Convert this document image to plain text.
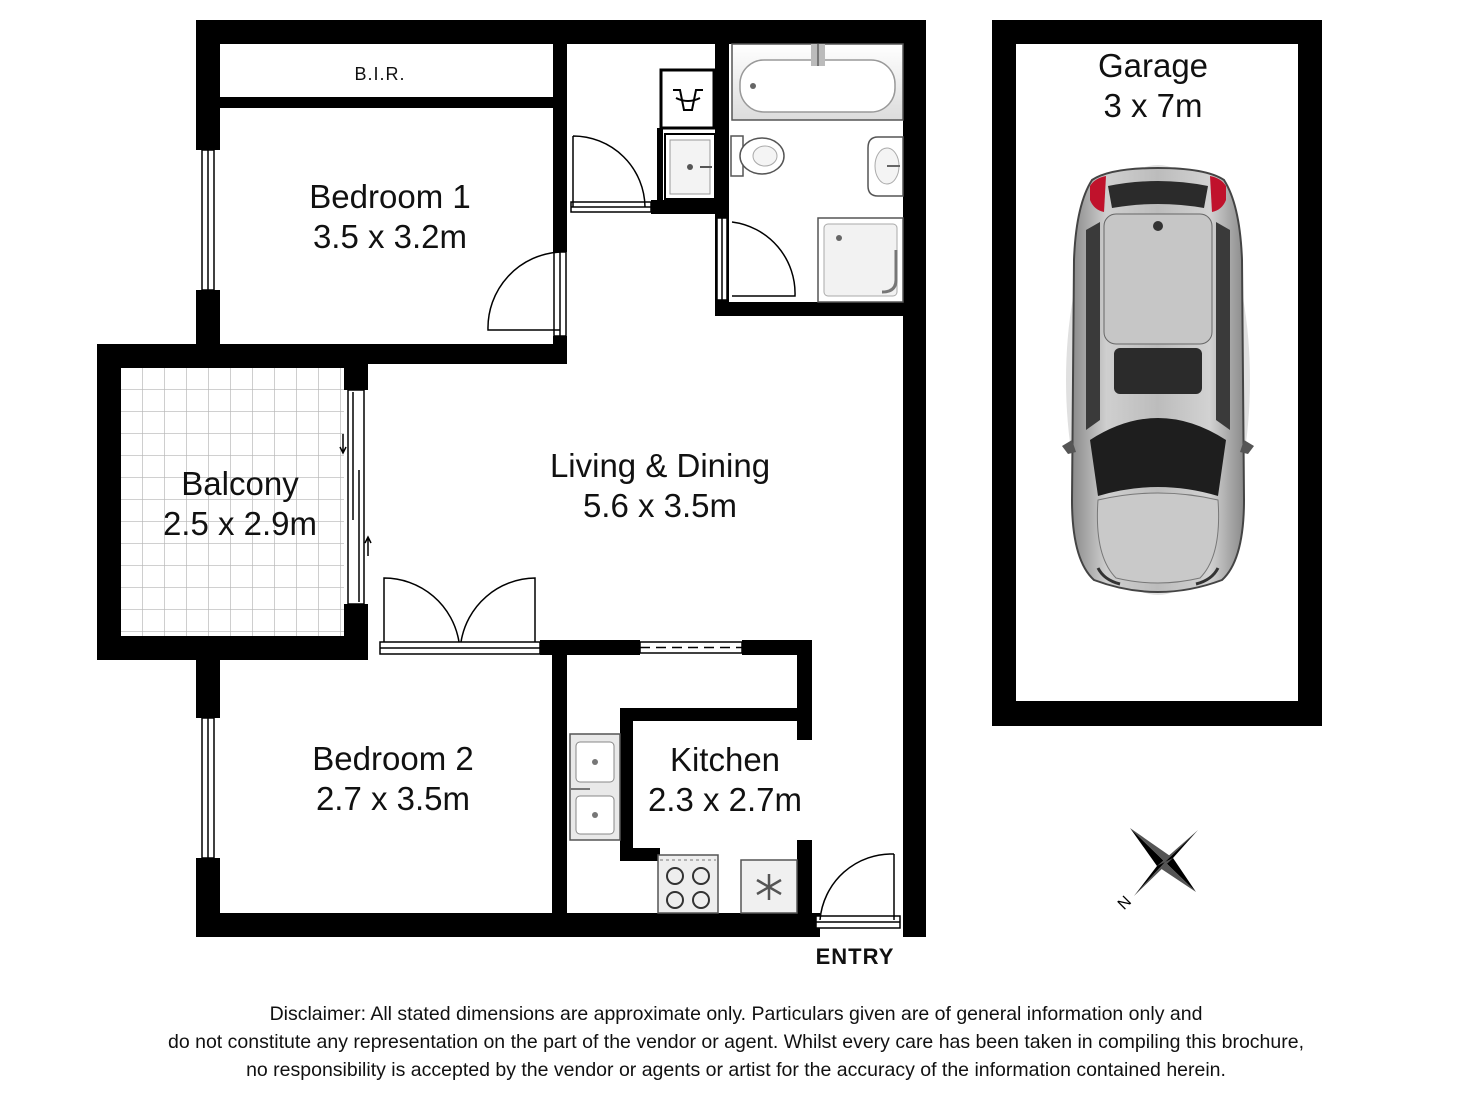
N
B.I.R.
Bedroom 1
3.5 x 3.2m
Balcony
2.5 x 2.9m
Living & Dining
5.6 x 3.5m
Bedroom 2
2.7 x 3.5m
Kitchen
2.3 x 2.7m
Garage
3 x 7m
ENTRY
Disclaimer: All stated dimensions are approximate only. Particulars given are of general information only and
do not constitute any representation on the part of the vendor or agent. Whilst every care has been taken in compiling this brochure,
no responsibility is accepted by the vendor or agents or artist for the accuracy of the information contained herein.
